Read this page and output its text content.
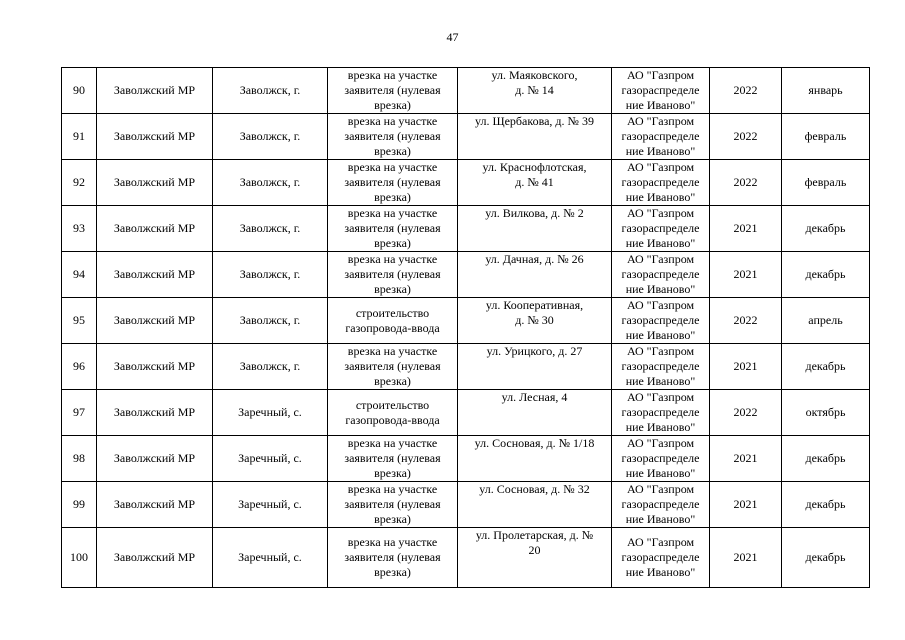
47
90	Заволжский МР	Заволжск, г.	врезка на участке
заявителя (нулевая
врезка)	ул. Маяковского,
д. № 14	АО "Газпром
газораспределе
ние Иваново"	2022	январь
91	Заволжский МР	Заволжск, г.	врезка на участке
заявителя (нулевая
врезка)	ул. Щербакова, д. № 39	АО "Газпром
газораспределе
ние Иваново"	2022	февраль
92	Заволжский МР	Заволжск, г.	врезка на участке
заявителя (нулевая
врезка)	ул. Краснофлотская,
д. № 41	АО "Газпром
газораспределе
ние Иваново"	2022	февраль
93	Заволжский МР	Заволжск, г.	врезка на участке
заявителя (нулевая
врезка)	ул. Вилкова, д. № 2	АО "Газпром
газораспределе
ние Иваново"	2021	декабрь
94	Заволжский МР	Заволжск, г.	врезка на участке
заявителя (нулевая
врезка)	ул. Дачная, д. № 26	АО "Газпром
газораспределе
ние Иваново"	2021	декабрь
95	Заволжский МР	Заволжск, г.	строительство
газопровода-ввода	ул. Кооперативная,
д. № 30	АО "Газпром
газораспределе
ние Иваново"	2022	апрель
96	Заволжский МР	Заволжск, г.	врезка на участке
заявителя (нулевая
врезка)	ул. Урицкого, д. 27	АО "Газпром
газораспределе
ние Иваново"	2021	декабрь
97	Заволжский МР	Заречный, с.	строительство
газопровода-ввода	ул. Лесная, 4	АО "Газпром
газораспределе
ние Иваново"	2022	октябрь
98	Заволжский МР	Заречный, с.	врезка на участке
заявителя (нулевая
врезка)	ул. Сосновая, д. № 1/18	АО "Газпром
газораспределе
ние Иваново"	2021	декабрь
99	Заволжский МР	Заречный, с.	врезка на участке
заявителя (нулевая
врезка)	ул. Сосновая, д. № 32	АО "Газпром
газораспределе
ние Иваново"	2021	декабрь
100	Заволжский МР	Заречный, с.	врезка на участке
заявителя (нулевая
врезка)	ул. Пролетарская, д. №
20	АО "Газпром
газораспределе
ние Иваново"	2021	декабрь
